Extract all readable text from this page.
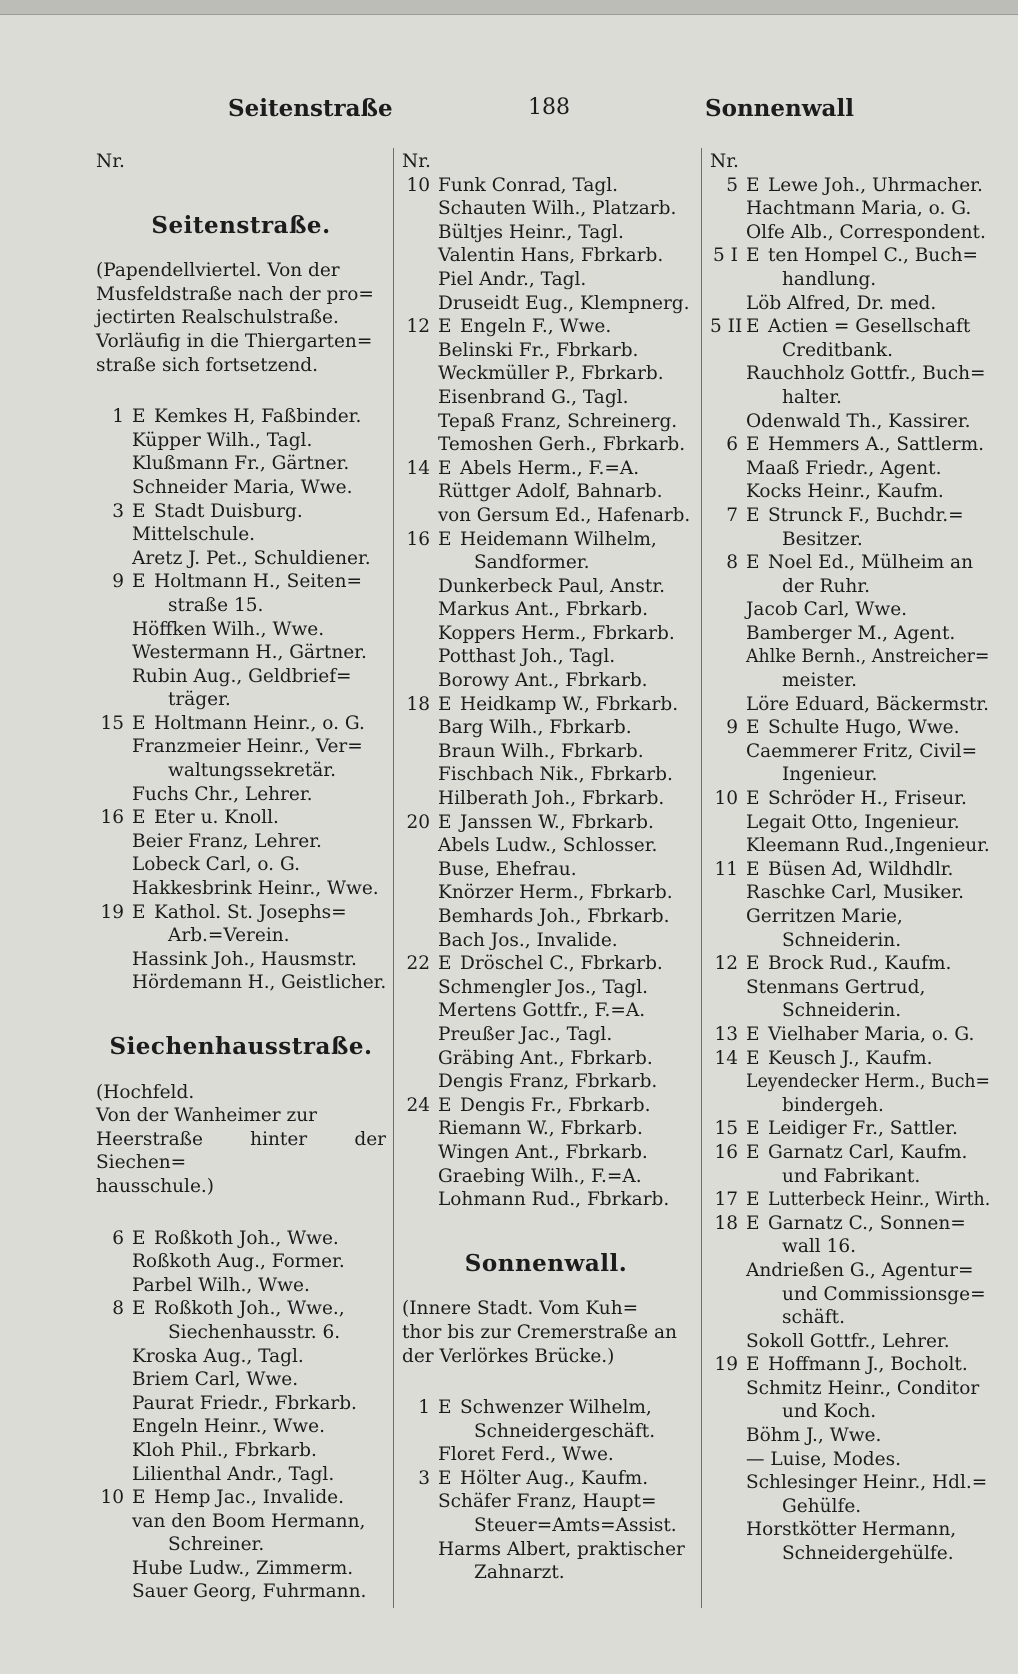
Seitenstraße	188	Sonnenwall
Nr.
Seitenstraße.

(Papendellviertel. Von der

Musfeldstraße nach der pro=

jectirten Realschulstraße.

Vorläufig in die Thiergarten=

straße sich fortsetzend.

1 E Kemkes H, Faßbinder.
Küpper Wilh., Tagl.
Klußmann Fr., Gärtner.
Schneider Maria, Wwe.
3 E Stadt Duisburg.
Mittelschule.
Aretz J. Pet., Schuldiener.
9 E Holtmann H., Seiten=
straße 15.
Höffken Wilh., Wwe.
Westermann H., Gärtner.
Rubin Aug., Geldbrief=
träger.
15 E Holtmann Heinr., o. G.
Franzmeier Heinr., Ver=
waltungssekretär.
Fuchs Chr., Lehrer.
16 E Eter u. Knoll.
Beier Franz, Lehrer.
Lobeck Carl, o. G.
Hakkesbrink Heinr., Wwe.
19 E Kathol. St. Josephs=
Arb.=Verein.
Hassink Joh., Hausmstr.
Hördemann H., Geistlicher.
Siechenhausstraße.

(Hochfeld.

Von der Wanheimer zur

Heerstraße hinter der Siechen=

hausschule.)

6 E Roßkoth Joh., Wwe.
Roßkoth Aug., Former.
Parbel Wilh., Wwe.
8 E Roßkoth Joh., Wwe.,
Siechenhausstr. 6.
Kroska Aug., Tagl.
Briem Carl, Wwe.
Paurat Friedr., Fbrkarb.
Engeln Heinr., Wwe.
Kloh Phil., Fbrkarb.
Lilienthal Andr., Tagl.
10 E Hemp Jac., Invalide.
van den Boom Hermann,
Schreiner.
Hube Ludw., Zimmerm.
Sauer Georg, Fuhrmann.
Nr.
10 Funk Conrad, Tagl.
Schauten Wilh., Platzarb.
Bültjes Heinr., Tagl.
Valentin Hans, Fbrkarb.
Piel Andr., Tagl.
Druseidt Eug., Klempnerg.
12 E Engeln F., Wwe.
Belinski Fr., Fbrkarb.
Weckmüller P., Fbrkarb.
Eisenbrand G., Tagl.
Tepaß Franz, Schreinerg.
Temoshen Gerh., Fbrkarb.
14 E Abels Herm., F.=A.
Rüttger Adolf, Bahnarb.
von Gersum Ed., Hafenarb.
16 E Heidemann Wilhelm,
Sandformer.
Dunkerbeck Paul, Anstr.
Markus Ant., Fbrkarb.
Koppers Herm., Fbrkarb.
Potthast Joh., Tagl.
Borowy Ant., Fbrkarb.
18 E Heidkamp W., Fbrkarb.
Barg Wilh., Fbrkarb.
Braun Wilh., Fbrkarb.
Fischbach Nik., Fbrkarb.
Hilberath Joh., Fbrkarb.
20 E Janssen W., Fbrkarb.
Abels Ludw., Schlosser.
Buse, Ehefrau.
Knörzer Herm., Fbrkarb.
Bemhards Joh., Fbrkarb.
Bach Jos., Invalide.
22 E Dröschel C., Fbrkarb.
Schmengler Jos., Tagl.
Mertens Gottfr., F.=A.
Preußer Jac., Tagl.
Gräbing Ant., Fbrkarb.
Dengis Franz, Fbrkarb.
24 E Dengis Fr., Fbrkarb.
Riemann W., Fbrkarb.
Wingen Ant., Fbrkarb.
Graebing Wilh., F.=A.
Lohmann Rud., Fbrkarb.
Sonnenwall.

(Innere Stadt. Vom Kuh=

thor bis zur Cremerstraße an

der Verlörkes Brücke.)

1 E Schwenzer Wilhelm,
Schneidergeschäft.
Floret Ferd., Wwe.
3 E Hölter Aug., Kaufm.
Schäfer Franz, Haupt=
Steuer=Amts=Assist.
Harms Albert, praktischer
Zahnarzt.
Nr.
5 E Lewe Joh., Uhrmacher.
Hachtmann Maria, o. G.
Olfe Alb., Correspondent.
5 I E ten Hompel C., Buch=
handlung.
Löb Alfred, Dr. med.
5 II E Actien = Gesellschaft
Creditbank.
Rauchholz Gottfr., Buch=
halter.
Odenwald Th., Kassirer.
6 E Hemmers A., Sattlerm.
Maaß Friedr., Agent.
Kocks Heinr., Kaufm.
7 E Strunck F., Buchdr.=
Besitzer.
8 E Noel Ed., Mülheim an
der Ruhr.
Jacob Carl, Wwe.
Bamberger M., Agent.
Ahlke Bernh., Anstreicher=
meister.
Löre Eduard, Bäckermstr.
9 E Schulte Hugo, Wwe.
Caemmerer Fritz, Civil=
Ingenieur.
10 E Schröder H., Friseur.
Legait Otto, Ingenieur.
Kleemann Rud.,Ingenieur.
11 E Büsen Ad, Wildhdlr.
Raschke Carl, Musiker.
Gerritzen Marie,
Schneiderin.
12 E Brock Rud., Kaufm.
Stenmans Gertrud,
Schneiderin.
13 E Vielhaber Maria, o. G.
14 E Keusch J., Kaufm.
Leyendecker Herm., Buch=
bindergeh.
15 E Leidiger Fr., Sattler.
16 E Garnatz Carl, Kaufm.
und Fabrikant.
17 E Lutterbeck Heinr., Wirth.
18 E Garnatz C., Sonnen=
wall 16.
Andrießen G., Agentur=
und Commissionsge=
schäft.
Sokoll Gottfr., Lehrer.
19 E Hoffmann J., Bocholt.
Schmitz Heinr., Conditor
und Koch.
Böhm J., Wwe.
— Luise, Modes.
Schlesinger Heinr., Hdl.=
Gehülfe.
Horstkötter Hermann,
Schneidergehülfe.
